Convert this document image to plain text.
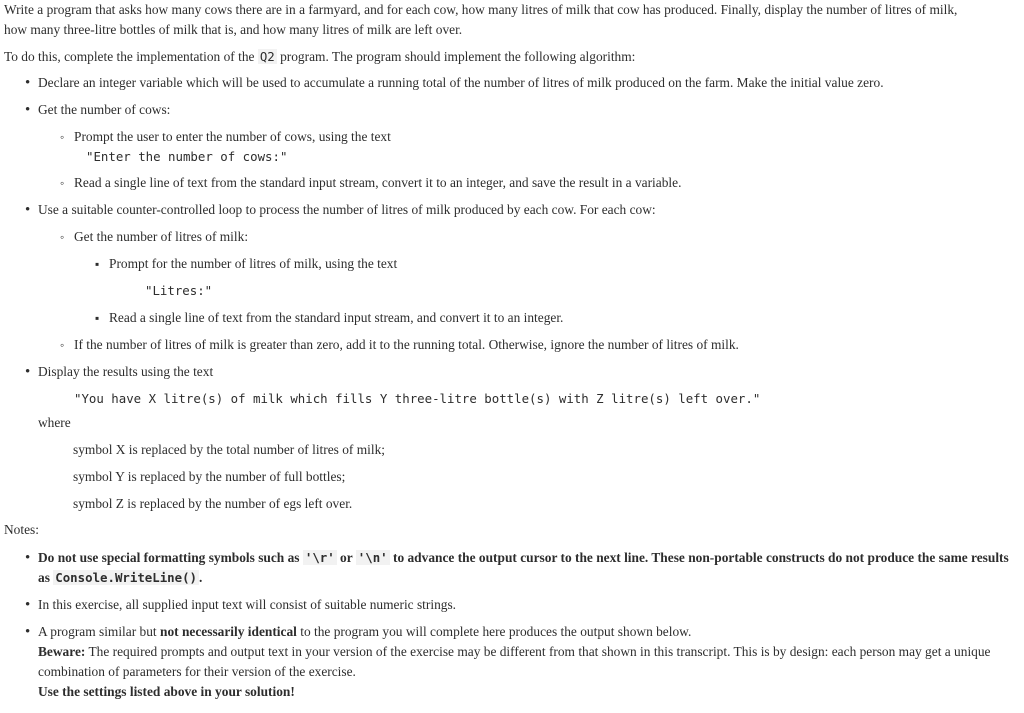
Write a program that asks how many cows there are in a farmyard, and for each cow, how many litres of milk that cow has produced. Finally, display the number of litres of milk,
how many three-litre bottles of milk that is, and how many litres of milk are left over.

To do this, complete the implementation of the Q2 program. The program should implement the following algorithm:

• Declare an integer variable which will be used to accumulate a running total of the number of litres of milk produced on the farm. Make the initial value zero.
• Get the number of cows:
◦ Prompt the user to enter the number of cows, using the text
"Enter the number of cows:"
◦ Read a single line of text from the standard input stream, convert it to an integer, and save the result in a variable.
• Use a suitable counter-controlled loop to process the number of litres of milk produced by each cow. For each cow:
◦ Get the number of litres of milk:
▪ Prompt for the number of litres of milk, using the text
"Litres:"
▪ Read a single line of text from the standard input stream, and convert it to an integer.
◦ If the number of litres of milk is greater than zero, add it to the running total. Otherwise, ignore the number of litres of milk.
• Display the results using the text
"You have X litre(s) of milk which fills Y three-litre bottle(s) with Z litre(s) left over."

where

symbol X is replaced by the total number of litres of milk;

symbol Y is replaced by the number of full bottles;

symbol Z is replaced by the number of egs left over.

Notes:

• Do not use special formatting symbols such as '\r' or '\n' to advance the output cursor to the next line. These non-portable constructs do not produce the same results as Console.WriteLine() .

• In this exercise, all supplied input text will consist of suitable numeric strings.

• A program similar but not necessarily identical to the program you will complete here produces the output shown below.

Beware: The required prompts and output text in your version of the exercise may be different from that shown in this transcript. This is by design: each person may get a unique combination of parameters for their version of the exercise.

Use the settings listed above in your solution!
